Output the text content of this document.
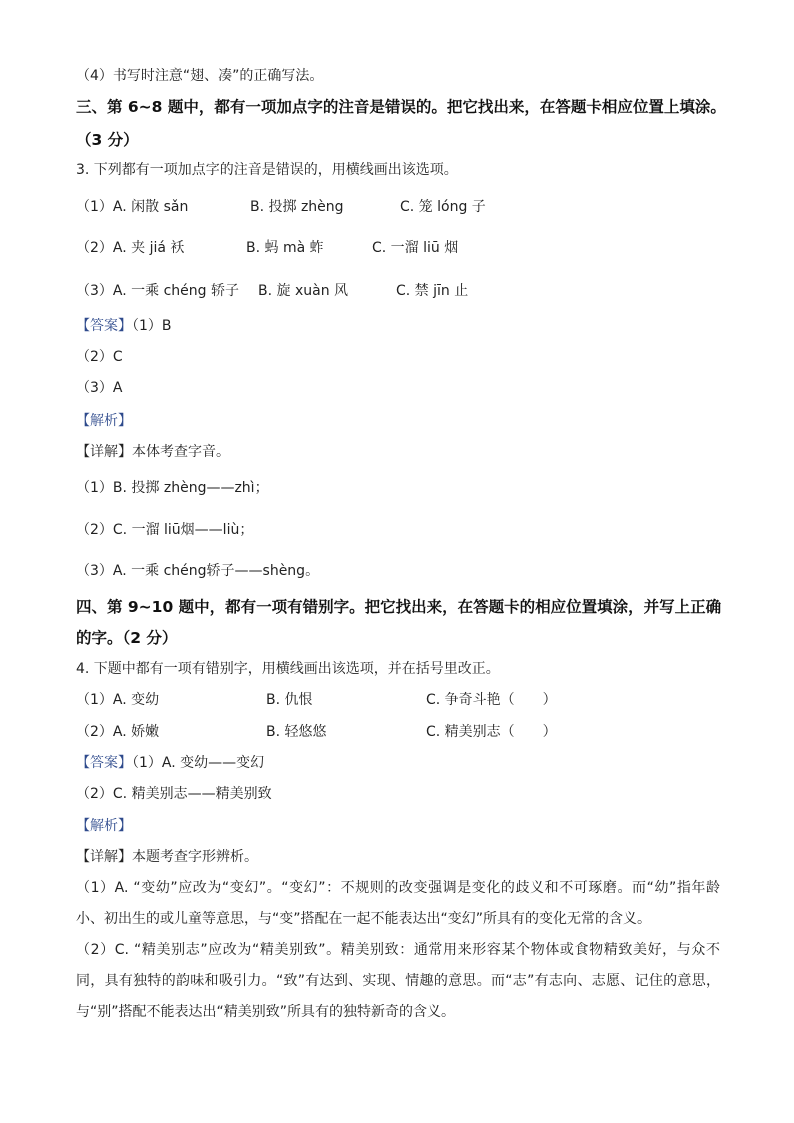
（4）书写时注意“翅、凑”的正确写法。
三、第 6~8 题中，都有一项加点字的注音是错误的。把它找出来，在答题卡相应位置上填涂。
（3 分）
3. 下列都有一项加点字的注音是错误的，用横线画出该选项。
（1）A. 闲散 sǎn	B. 投掷 zhèng	C. 笼 lóng 子
（2）A. 夹 jiá 袄	B. 蚂 mà 蚱	C. 一溜 liū 烟
（3）A. 一乘 chéng 轿子 B. 旋 xuàn 风	C. 禁 jīn 止
【答案】（1）B
（2）C
（3）A
【解析】
【详解】本体考查字音。
（1）B. 投掷 zhèng——zhì；
（2）C. 一溜 liū烟——liù；
（3）A. 一乘 chéng轿子——shèng。
四、第 9~10 题中，都有一项有错别字。把它找出来，在答题卡的相应位置填涂，并写上正确
的字。（2 分）
4. 下题中都有一项有错别字，用横线画出该选项，并在括号里改正。
（1）A. 变幼	B. 仇恨	C. 争奇斗艳（　　）
（2）A. 娇嫩	B. 轻悠悠	C. 精美别志（　　）
【答案】（1）A. 变幼——变幻
（2）C. 精美别志——精美别致
【解析】
【详解】本题考查字形辨析。
（1）A. “变幼”应改为“变幻”。“变幻”：不规则的改变强调是变化的歧义和不可琢磨。而“幼”指年龄小、初出生的或儿童等意思，与“变”搭配在一起不能表达出“变幻”所具有的变化无常的含义。
（2）C. “精美别志”应改为“精美别致”。精美别致：通常用来形容某个物体或食物精致美好，与众不同，具有独特的韵味和吸引力。“致”有达到、实现、情趣的意思。而“志”有志向、志愿、记住的意思，与“别”搭配不能表达出“精美别致”所具有的独特新奇的含义。
